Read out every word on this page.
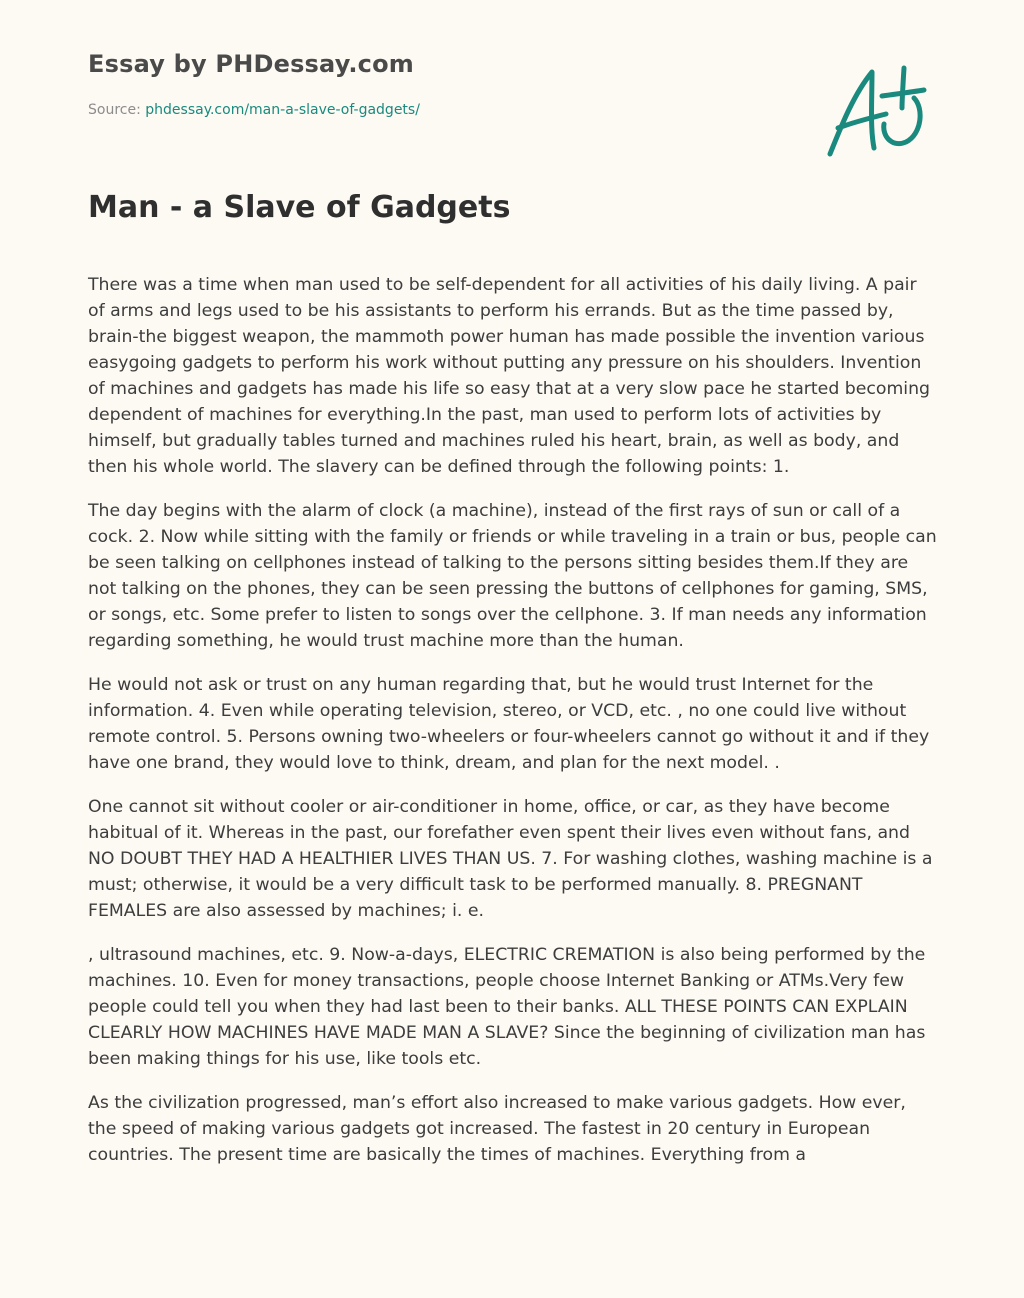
Essay by PHDessay.com
Source: phdessay.com/man-a-slave-of-gadgets/
Man - a Slave of Gadgets

There was a time when man used to be self-dependent for all activities of his daily living. A pair of arms and legs used to be his assistants to perform his errands. But as the time passed by, brain-the biggest weapon, the mammoth power human has made possible the invention various easygoing gadgets to perform his work without putting any pressure on his shoulders. Invention of machines and gadgets has made his life so easy that at a very slow pace he started becoming dependent of machines for everything.In the past, man used to perform lots of activities by himself, but gradually tables turned and machines ruled his heart, brain, as well as body, and then his whole world. The slavery can be defined through the following points: 1.

The day begins with the alarm of clock (a machine), instead of the first rays of sun or call of a cock. 2. Now while sitting with the family or friends or while traveling in a train or bus, people can be seen talking on cellphones instead of talking to the persons sitting besides them.If they are not talking on the phones, they can be seen pressing the buttons of cellphones for gaming, SMS, or songs, etc. Some prefer to listen to songs over the cellphone. 3. If man needs any information regarding something, he would trust machine more than the human.

He would not ask or trust on any human regarding that, but he would trust Internet for the information. 4. Even while operating television, stereo, or VCD, etc. , no one could live without remote control. 5. Persons owning two-wheelers or four-wheelers cannot go without it and if they have one brand, they would love to think, dream, and plan for the next model. .

One cannot sit without cooler or air-conditioner in home, office, or car, as they have become habitual of it. Whereas in the past, our forefather even spent their lives even without fans, and NO DOUBT THEY HAD A HEALTHIER LIVES THAN US. 7. For washing clothes, washing machine is a must; otherwise, it would be a very difficult task to be performed manually. 8. PREGNANT FEMALES are also assessed by machines; i. e.

, ultrasound machines, etc. 9. Now-a-days, ELECTRIC CREMATION is also being performed by the machines. 10. Even for money transactions, people choose Internet Banking or ATMs.Very few people could tell you when they had last been to their banks. ALL THESE POINTS CAN EXPLAIN CLEARLY HOW MACHINES HAVE MADE MAN A SLAVE? Since the beginning of civilization man has been making things for his use, like tools etc.

As the civilization progressed, man’s effort also increased to make various gadgets. How ever, the speed of making various gadgets got increased. The fastest in 20 century in European countries. The present time are basically the times of machines. Everything from a
